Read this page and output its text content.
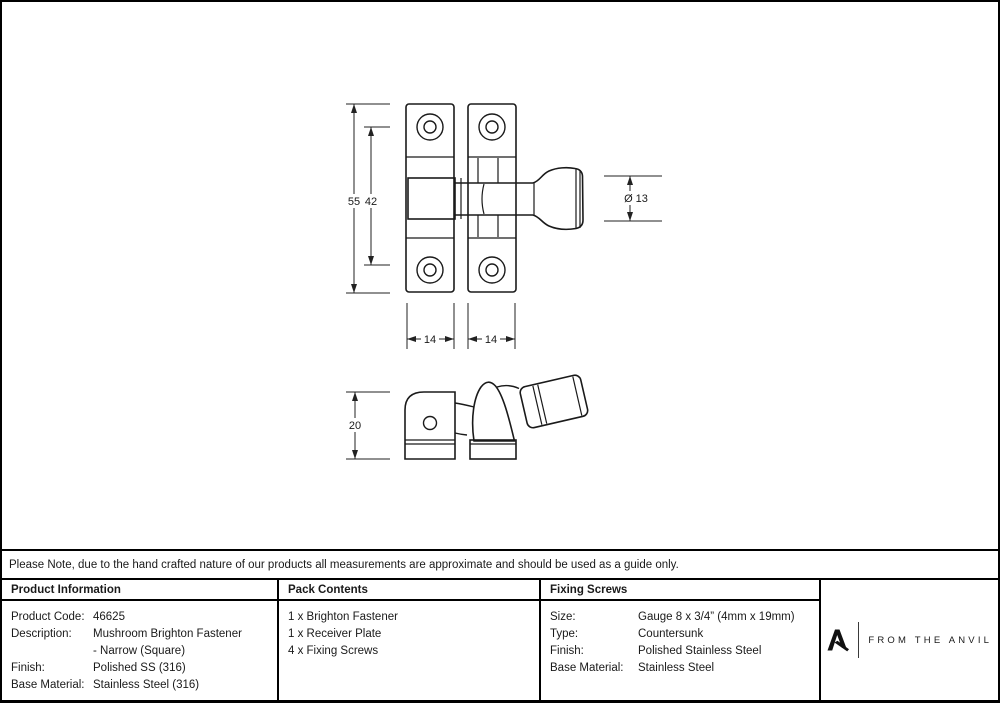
55 42	Ø 13
14	14
20
Please Note, due to the hand crafted nature of our products all measurements are approximate and should be used as a guide only.
Product Information
Product Code: 46625
Description:	Mushroom Brighton Fastener
- Narrow (Square)
Finish:	Polished SS (316)
Base Material: Stainless Steel (316)
Pack Contents
1 x Brighton Fastener
1 x Receiver Plate
4 x Fixing Screws
Fixing Screws
Size:	Gauge 8 x 3/4” (4mm x 19mm)
Type:	Countersunk
Finish:	Polished Stainless Steel
Base Material:	Stainless Steel
FROM THE ANVIL
